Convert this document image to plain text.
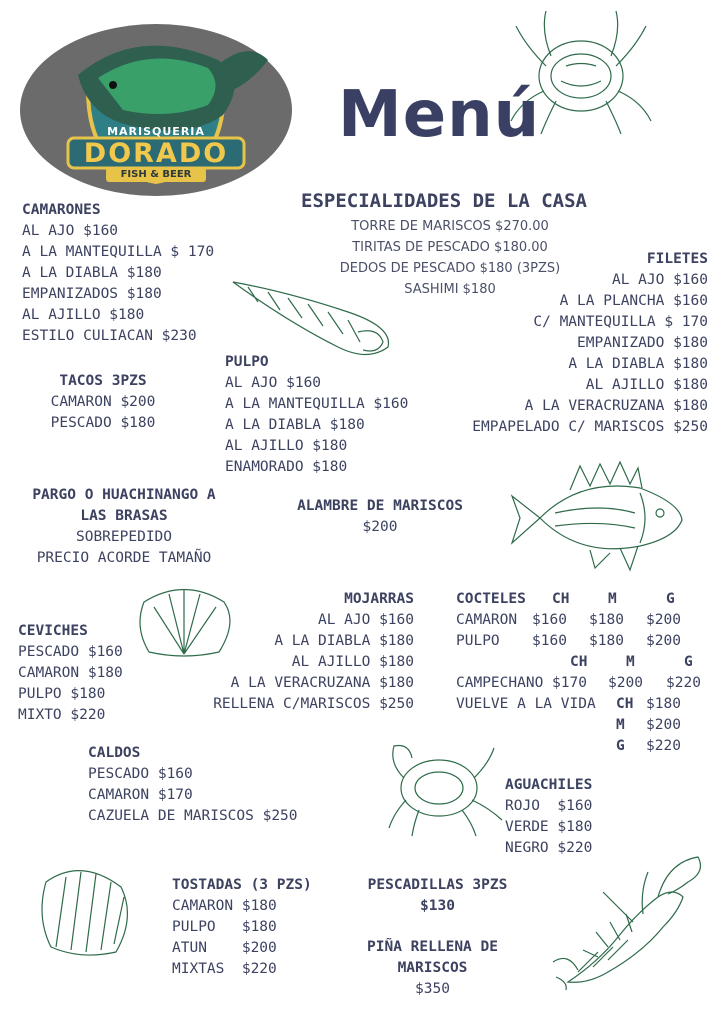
MARISQUERIA
DORADO
FISH & BEER
Menú
ESPECIALIDADES DE LA CASA
TORRE DE MARISCOS $270.00
TIRITAS DE PESCADO $180.00
DEDOS DE PESCADO $180 (3PZS)
SASHIMI $180
CAMARONES
AL AJO $160
A LA MANTEQUILLA $ 170
A LA DIABLA $180
EMPANIZADOS $180
AL AJILLO $180
ESTILO CULIACAN $230
FILETES
AL AJO $160
A LA PLANCHA $160
C/ MANTEQUILLA $ 170
EMPANIZADO $180
A LA DIABLA $180
AL AJILLO $180
A LA VERACRUZANA $180
EMPAPELADO C/ MARISCOS $250
PULPO
AL AJO $160
A LA MANTEQUILLA $160
A LA DIABLA $180
AL AJILLO $180
ENAMORADO $180
TACOS 3PZS
CAMARON $200
PESCADO $180
PARGO O HUACHINANGO A
LAS BRASAS
SOBREPEDIDO
PRECIO ACORDE TAMAÑO
ALAMBRE DE MARISCOS
$200
MOJARRAS
AL AJO $160
A LA DIABLA $180
AL AJILLO $180
A LA VERACRUZANA $180
RELLENA C/MARISCOS $250
COCTELES CH	M	G
CAMARON $160 $180 $200
PULPO $160 $180 $200
CH	M	G
CAMPECHANO $170 $200 $220
VUELVE A LA VIDA CH $180
M $200
G $220
CEVICHES
PESCADO $160
CAMARON $180
PULPO $180
MIXTO $220
CALDOS
PESCADO $160
CAMARON $170
CAZUELA DE MARISCOS $250
AGUACHILES
ROJO  $160
VERDE $180
NEGRO $220
TOSTADAS (3 PZS)
CAMARON $180
PULPO   $180
ATUN    $200
MIXTAS  $220
PESCADILLAS 3PZS
$130
PIÑA RELLENA DE
MARISCOS
$350
